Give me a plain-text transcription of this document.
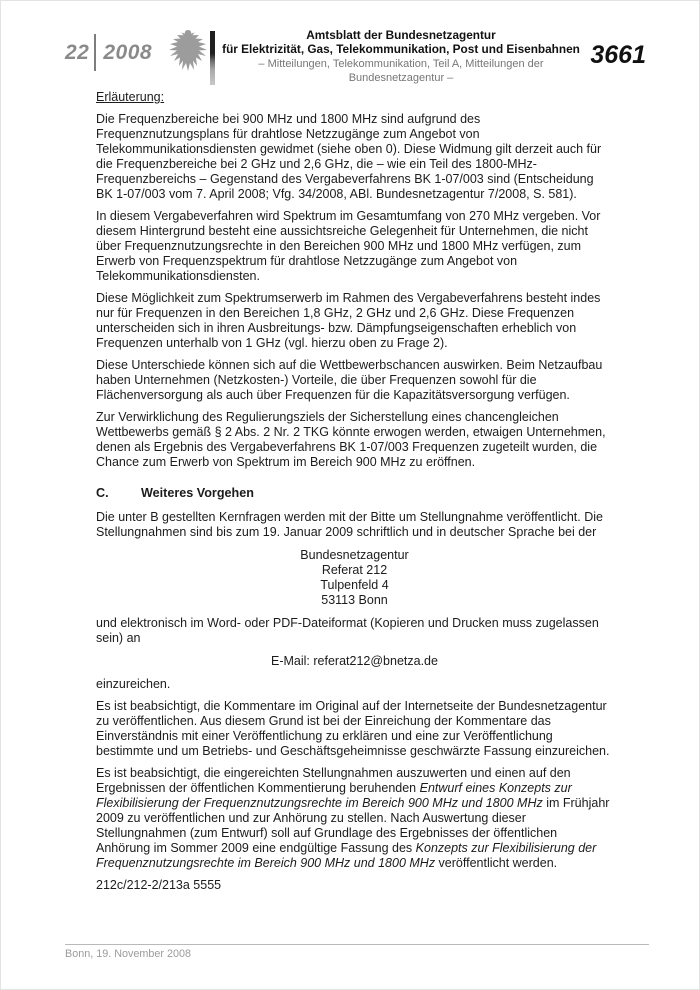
22 2008
Amtsblatt der Bundesnetzagentur
für Elektrizität, Gas, Telekommunikation, Post und Eisenbahnen
– Mitteilungen, Telekommunikation, Teil A, Mitteilungen der Bundesnetzagentur –
3661

Erläuterung:

Die Frequenzbereiche bei 900 MHz und 1800 MHz sind aufgrund des Frequenznutzungsplans für drahtlose Netzzugänge zum Angebot von Telekommunikationsdiensten gewidmet (siehe oben 0). Diese Widmung gilt derzeit auch für die Frequenzbereiche bei 2 GHz und 2,6 GHz, die – wie ein Teil des 1800-MHz-Frequenzbereichs – Gegenstand des Vergabeverfahrens BK 1-07/003 sind (Entscheidung BK 1-07/003 vom 7. April 2008; Vfg. 34/2008, ABl. Bundesnetzagentur 7/2008, S. 581).

In diesem Vergabeverfahren wird Spektrum im Gesamtumfang von 270 MHz vergeben. Vor diesem Hintergrund besteht eine aussichtsreiche Gelegenheit für Unternehmen, die nicht über Frequenznutzungsrechte in den Bereichen 900 MHz und 1800 MHz verfügen, zum Erwerb von Frequenzspektrum für drahtlose Netzzugänge zum Angebot von Telekommunikationsdiensten.

Diese Möglichkeit zum Spektrumserwerb im Rahmen des Vergabeverfahrens besteht indes nur für Frequenzen in den Bereichen 1,8 GHz, 2 GHz und 2,6 GHz. Diese Frequenzen unterscheiden sich in ihren Ausbreitungs- bzw. Dämpfungseigenschaften erheblich von Frequenzen unterhalb von 1 GHz (vgl. hierzu oben zu Frage 2).

Diese Unterschiede können sich auf die Wettbewerbschancen auswirken. Beim Netzaufbau haben Unternehmen (Netzkosten-) Vorteile, die über Frequenzen sowohl für die Flächenversorgung als auch über Frequenzen für die Kapazitätsversorgung verfügen.

Zur Verwirklichung des Regulierungsziels der Sicherstellung eines chancengleichen Wettbewerbs gemäß § 2 Abs. 2 Nr. 2 TKG könnte erwogen werden, etwaigen Unternehmen, denen als Ergebnis des Vergabeverfahrens BK 1-07/003 Frequenzen zugeteilt wurden, die Chance zum Erwerb von Spektrum im Bereich 900 MHz zu eröffnen.

C.	Weiteres Vorgehen

Die unter B gestellten Kernfragen werden mit der Bitte um Stellungnahme veröffentlicht. Die Stellungnahmen sind bis zum 19. Januar 2009 schriftlich und in deutscher Sprache bei der

Bundesnetzagentur
Referat 212
Tulpenfeld 4
53113 Bonn

und elektronisch im Word- oder PDF-Dateiformat (Kopieren und Drucken muss zugelassen sein) an

E-Mail: referat212@bnetza.de

einzureichen.

Es ist beabsichtigt, die Kommentare im Original auf der Internetseite der Bundesnetzagentur zu veröffentlichen. Aus diesem Grund ist bei der Einreichung der Kommentare das Einverständnis mit einer Veröffentlichung zu erklären und eine zur Veröffentlichung bestimmte und um Betriebs- und Geschäftsgeheimnisse geschwärzte Fassung einzureichen.

Es ist beabsichtigt, die eingereichten Stellungnahmen auszuwerten und einen auf den Ergebnissen der öffentlichen Kommentierung beruhenden Entwurf eines Konzepts zur Flexibilisierung der Frequenznutzungsrechte im Bereich 900 MHz und 1800 MHz im Frühjahr 2009 zu veröffentlichen und zur Anhörung zu stellen. Nach Auswertung dieser Stellungnahmen (zum Entwurf) soll auf Grundlage des Ergebnisses der öffentlichen Anhörung im Sommer 2009 eine endgültige Fassung des Konzepts zur Flexibilisierung der Frequenznutzungsrechte im Bereich 900 MHz und 1800 MHz veröffentlicht werden.

212c/212-2/213a 5555

Bonn, 19. November 2008
